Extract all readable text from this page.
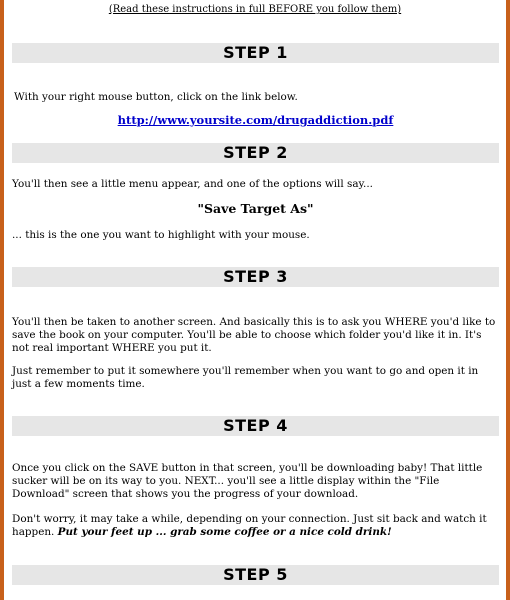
(Read these instructions in full BEFORE you follow them)
STEP 1
With your right mouse button, click on the link below.
http://www.yoursite.com/drugaddiction.pdf
STEP 2
You'll then see a little menu appear, and one of the options will say...
"Save Target As"
... this is the one you want to highlight with your mouse.
STEP 3
You'll then be taken to another screen. And basically this is to ask you WHERE you'd like to save the book on your computer. You'll be able to choose which folder you'd like it in. It's not real important WHERE you put it.
Just remember to put it somewhere you'll remember when you want to go and open it in just a few moments time.
STEP 4
Once you click on the SAVE button in that screen, you'll be downloading baby! That little sucker will be on its way to you. NEXT... you'll see a little display within the "File Download" screen that shows you the progress of your download.
Don't worry, it may take a while, depending on your connection. Just sit back and watch it happen. Put your feet up ... grab some coffee or a nice cold drink!
STEP 5
